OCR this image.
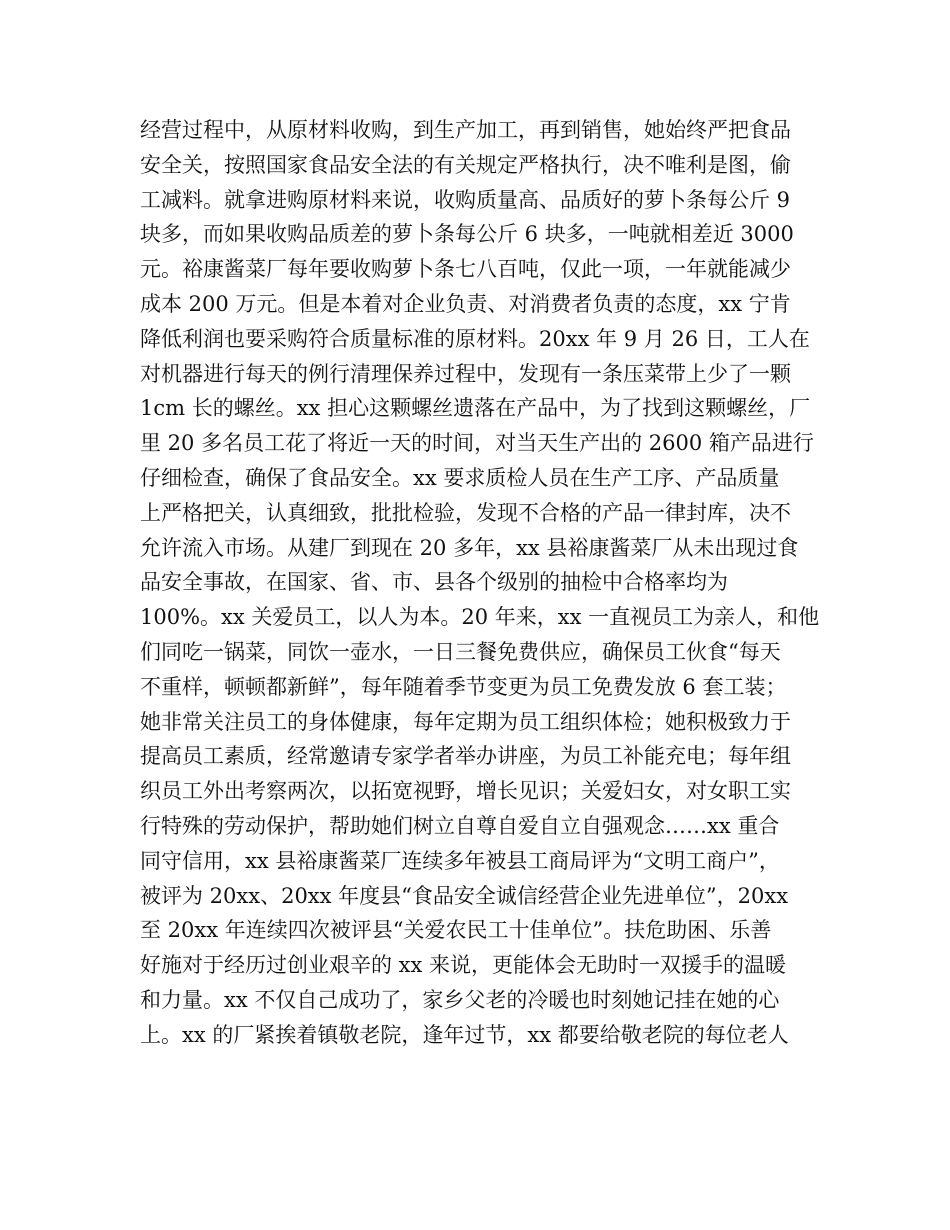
经营过程中，从原材料收购，到生产加工，再到销售，她始终严把食品
安全关，按照国家食品安全法的有关规定严格执行，决不唯利是图，偷
工减料。就拿进购原材料来说，收购质量高、品质好的萝卜条每公斤 9
块多，而如果收购品质差的萝卜条每公斤 6 块多，一吨就相差近 3000
元。裕康酱菜厂每年要收购萝卜条七八百吨，仅此一项，一年就能减少
成本 200 万元。但是本着对企业负责、对消费者负责的态度，xx 宁肯
降低利润也要采购符合质量标准的原材料。20xx 年 9 月 26 日，工人在
对机器进行每天的例行清理保养过程中，发现有一条压菜带上少了一颗
1cm 长的螺丝。xx 担心这颗螺丝遗落在产品中，为了找到这颗螺丝，厂
里 20 多名员工花了将近一天的时间，对当天生产出的 2600 箱产品进行
仔细检查，确保了食品安全。xx 要求质检人员在生产工序、产品质量
上严格把关，认真细致，批批检验，发现不合格的产品一律封库，决不
允许流入市场。从建厂到现在 20 多年，xx 县裕康酱菜厂从未出现过食
品安全事故，在国家、省、市、县各个级别的抽检中合格率均为
100%。xx 关爱员工，以人为本。20 年来，xx 一直视员工为亲人，和他
们同吃一锅菜，同饮一壶水，一日三餐免费供应，确保员工伙食“每天
不重样，顿顿都新鲜”，每年随着季节变更为员工免费发放 6 套工装；
她非常关注员工的身体健康，每年定期为员工组织体检；她积极致力于
提高员工素质，经常邀请专家学者举办讲座，为员工补能充电；每年组
织员工外出考察两次，以拓宽视野，增长见识；关爱妇女，对女职工实
行特殊的劳动保护，帮助她们树立自尊自爱自立自强观念……xx 重合
同守信用，xx 县裕康酱菜厂连续多年被县工商局评为“文明工商户”，
被评为 20xx、20xx 年度县“食品安全诚信经营企业先进单位”，20xx
至 20xx 年连续四次被评县“关爱农民工十佳单位”。扶危助困、乐善
好施对于经历过创业艰辛的 xx 来说，更能体会无助时一双援手的温暖
和力量。xx 不仅自己成功了，家乡父老的冷暖也时刻她记挂在她的心
上。xx 的厂紧挨着镇敬老院，逢年过节，xx 都要给敬老院的每位老人
